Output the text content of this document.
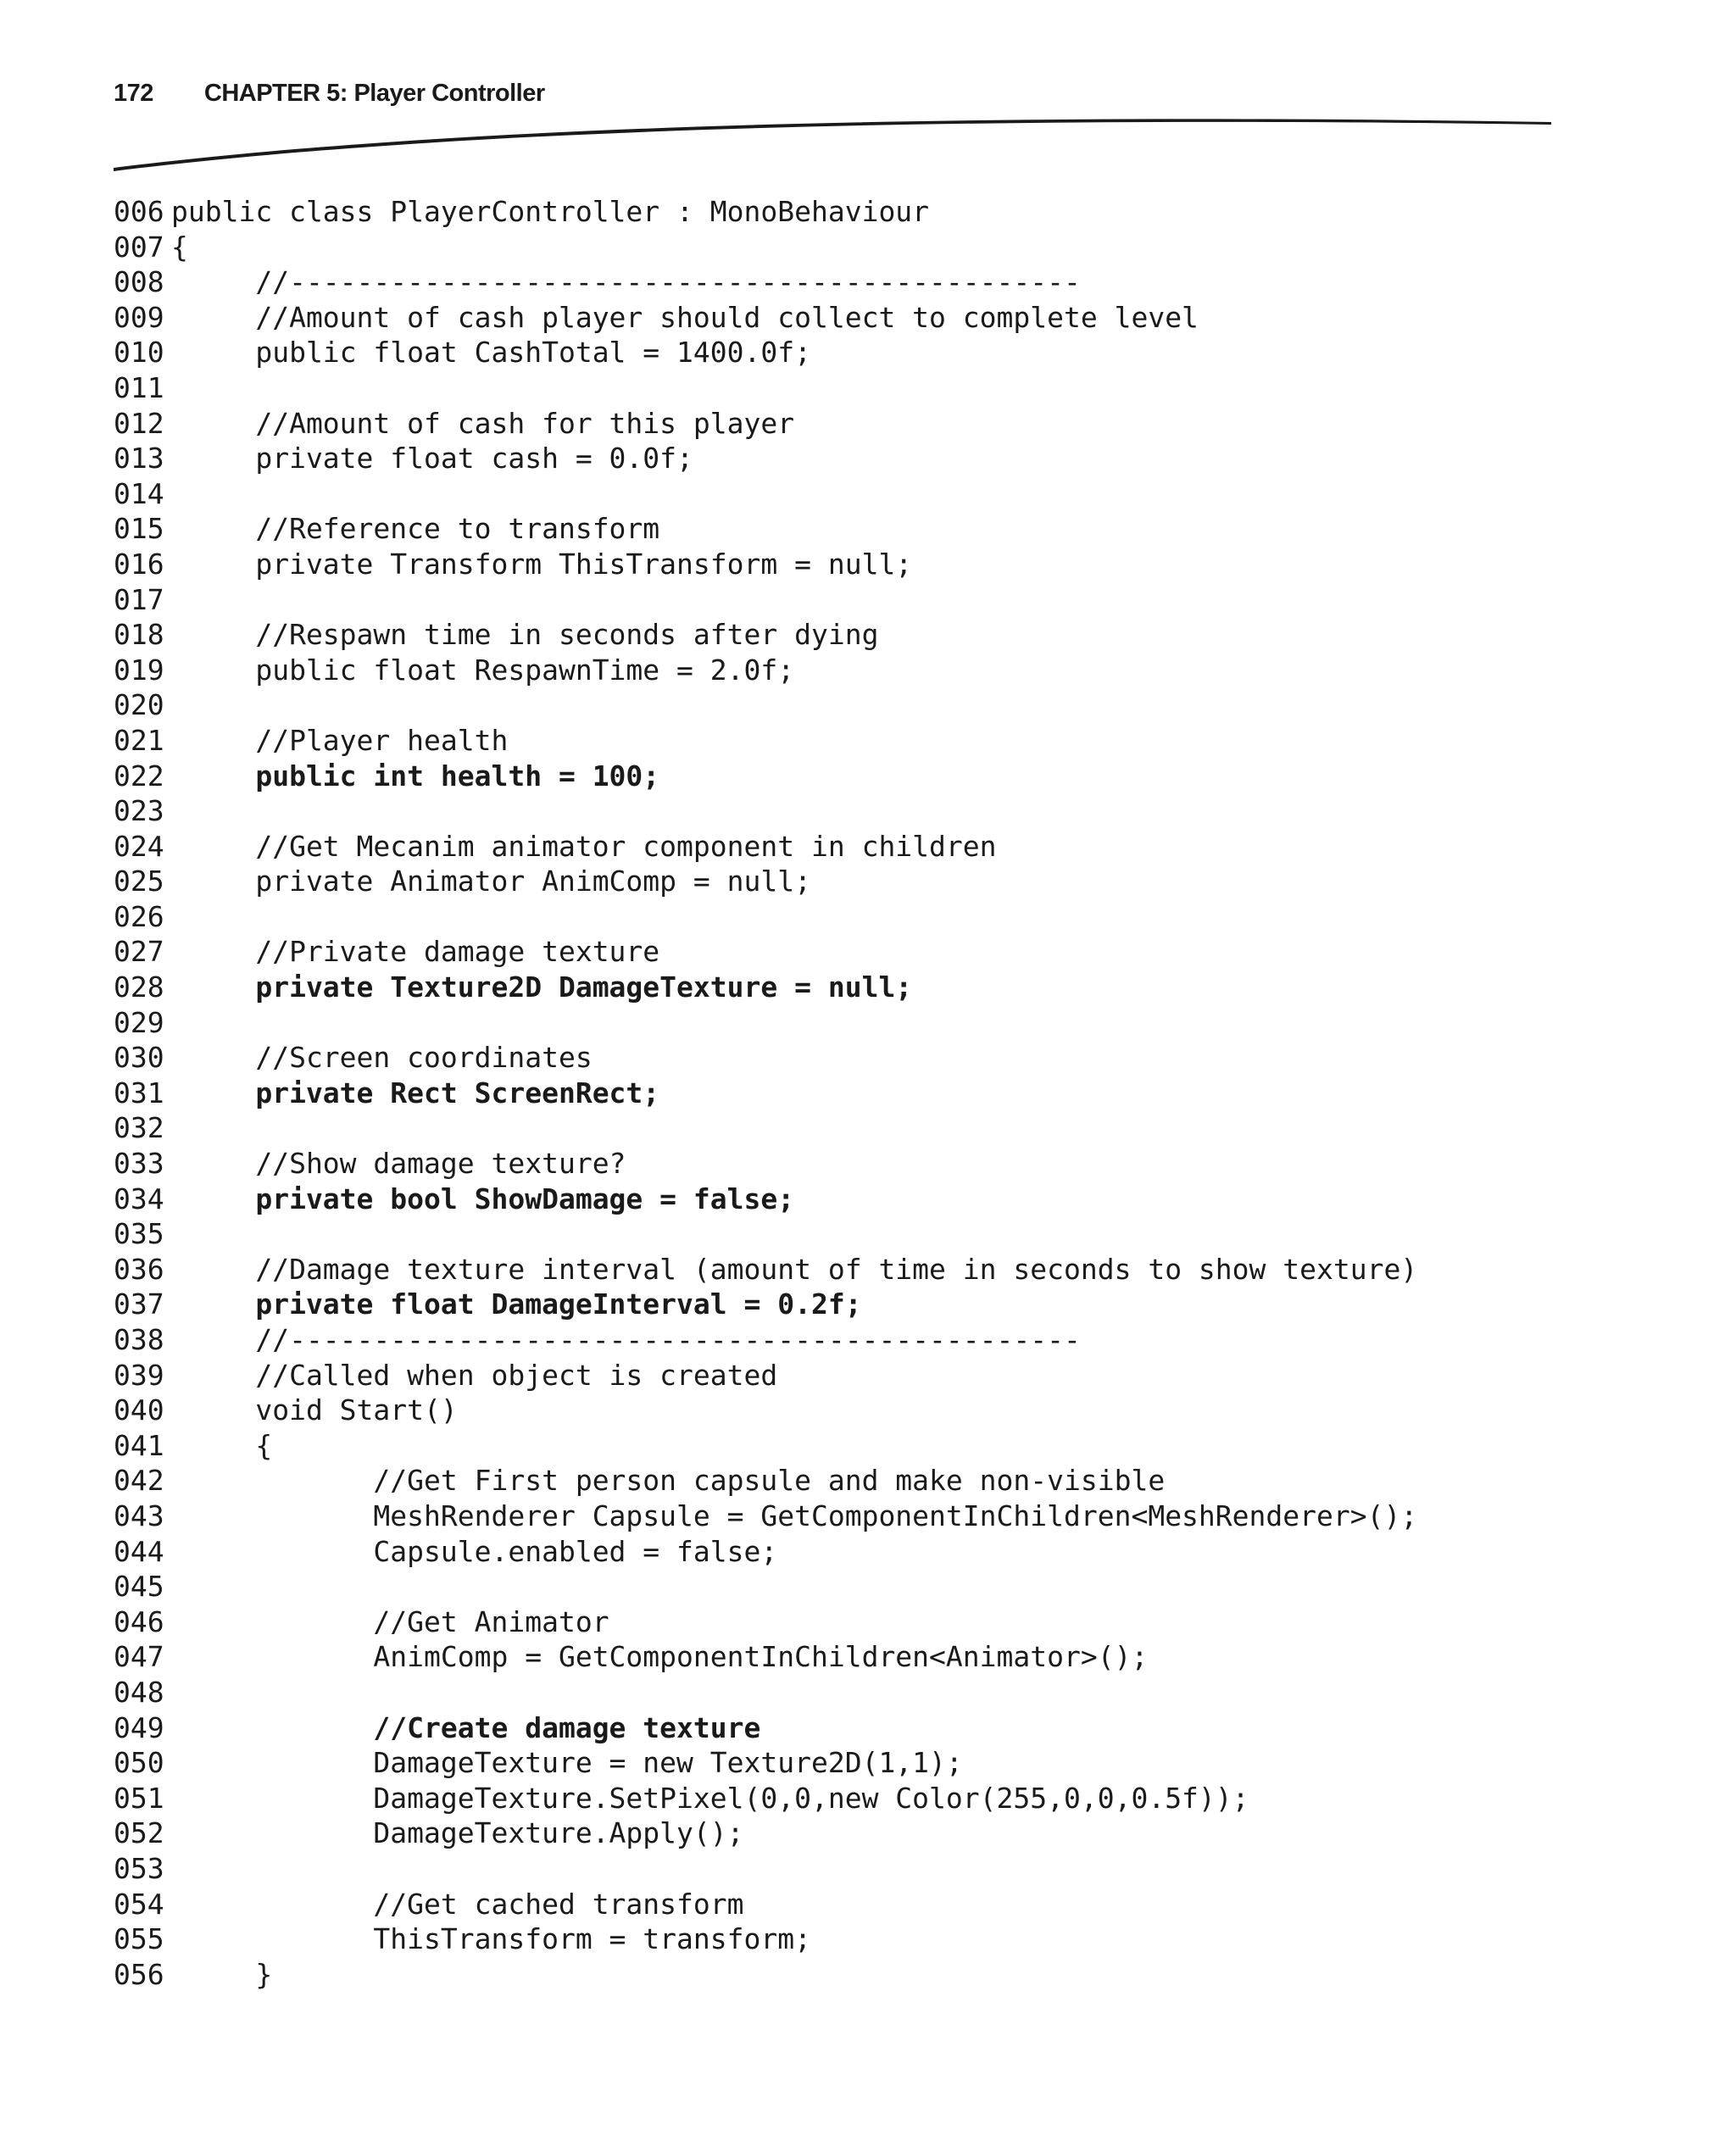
172 CHAPTER 5: Player Controller
006 public class PlayerController : MonoBehaviour
007 {
008 //-----------------------------------------------
009 //Amount of cash player should collect to complete level
010 public float CashTotal = 1400.0f;
011
012 //Amount of cash for this player
013 private float cash = 0.0f;
014
015 //Reference to transform
016 private Transform ThisTransform = null;
017
018 //Respawn time in seconds after dying
019 public float RespawnTime = 2.0f;
020
021 //Player health
022 public int health = 100;
023
024 //Get Mecanim animator component in children
025 private Animator AnimComp = null;
026
027 //Private damage texture
028 private Texture2D DamageTexture = null;
029
030 //Screen coordinates
031 private Rect ScreenRect;
032
033 //Show damage texture?
034 private bool ShowDamage = false;
035
036 //Damage texture interval (amount of time in seconds to show texture)
037 private float DamageInterval = 0.2f;
038 //-----------------------------------------------
039 //Called when object is created
040 void Start()
041 {
042 //Get First person capsule and make non-visible
043 MeshRenderer Capsule = GetComponentInChildren<MeshRenderer>();
044 Capsule.enabled = false;
045
046 //Get Animator
047 AnimComp = GetComponentInChildren<Animator>();
048
049 //Create damage texture
050 DamageTexture = new Texture2D(1,1);
051 DamageTexture.SetPixel(0,0,new Color(255,0,0,0.5f));
052 DamageTexture.Apply();
053
054 //Get cached transform
055 ThisTransform = transform;
056 }
